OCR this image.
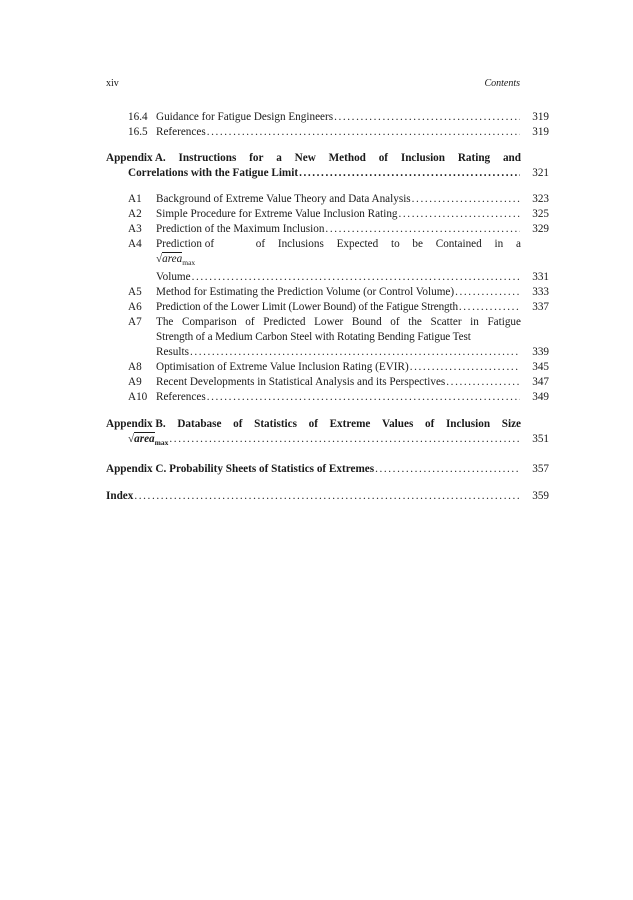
xiv	Contents
16.4 Guidance for Fatigue Design Engineers .....	319
16.5 References .....	319
Appendix A. Instructions for a New Method of Inclusion Rating and
Correlations with the Fatigue Limit .....	321
A1	Background of Extreme Value Theory and Data Analysis .....	323
A2	Simple Procedure for Extreme Value Inclusion Rating .....	325
A3	Prediction of the Maximum Inclusion .....	329
A4	Prediction of √area$_{max}$
of Inclusions Expected to be Contained in a
Volume .....	331
A5	Method for Estimating the Prediction Volume (or Control Volume) .....	333
A6	Prediction of the Lower Limit (Lower Bound) of the Fatigue Strength .....	337
A7	The Comparison of Predicted Lower Bound of the Scatter in Fatigue
Strength of a Medium Carbon Steel with Rotating Bending Fatigue Test
Results .....	339
A8	Optimisation of Extreme Value Inclusion Rating (EVIR) .....	345
A9	Recent Developments in Statistical Analysis and its Perspectives .....	347
A10 References .....	349
Appendix B. Database of Statistics of Extreme Values of Inclusion Size
√area$_{max}$ .....	351
Appendix C. Probability Sheets of Statistics of Extremes .....	357
Index .....	359
